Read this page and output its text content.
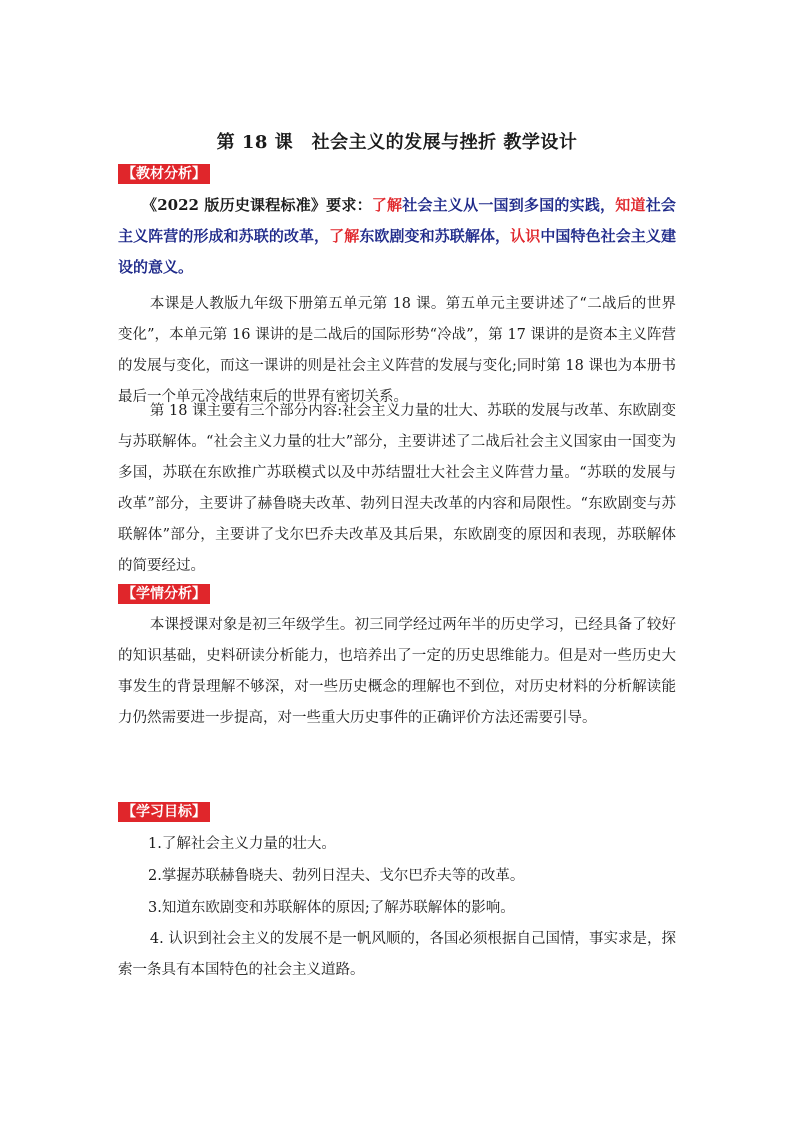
第 18 课　社会主义的发展与挫折 教学设计
【教材分析】

《2022 版历史课程标准》要求：了解社会主义从一国到多国的实践，知道社会主义阵营的形成和苏联的改革，了解东欧剧变和苏联解体，认识中国特色社会主义建设的意义。

本课是人教版九年级下册第五单元第 18 课。第五单元主要讲述了“二战后的世界变化”，本单元第 16 课讲的是二战后的国际形势“冷战”，第 17 课讲的是资本主义阵营的发展与变化，而这一课讲的则是社会主义阵营的发展与变化;同时第 18 课也为本册书最后一个单元冷战结束后的世界有密切关系。

第 18 课主要有三个部分内容:社会主义力量的壮大、苏联的发展与改革、东欧剧变与苏联解体。“社会主义力量的壮大”部分，主要讲述了二战后社会主义国家由一国变为多国，苏联在东欧推广苏联模式以及中苏结盟壮大社会主义阵营力量。“苏联的发展与改革”部分，主要讲了赫鲁晓夫改革、勃列日涅夫改革的内容和局限性。“东欧剧变与苏联解体”部分，主要讲了戈尔巴乔夫改革及其后果，东欧剧变的原因和表现，苏联解体的简要经过。

【学情分析】

本课授课对象是初三年级学生。初三同学经过两年半的历史学习，已经具备了较好的知识基础，史料研读分析能力，也培养出了一定的历史思维能力。但是对一些历史大事发生的背景理解不够深，对一些历史概念的理解也不到位，对历史材料的分析解读能力仍然需要进一步提高，对一些重大历史事件的正确评价方法还需要引导。

【学习目标】

1.了解社会主义力量的壮大。

2.掌握苏联赫鲁晓夫、勃列日涅夫、戈尔巴乔夫等的改革。

3.知道东欧剧变和苏联解体的原因;了解苏联解体的影响。

4. 认识到社会主义的发展不是一帆风顺的，各国必须根据自己国情，事实求是，探索一条具有本国特色的社会主义道路。
